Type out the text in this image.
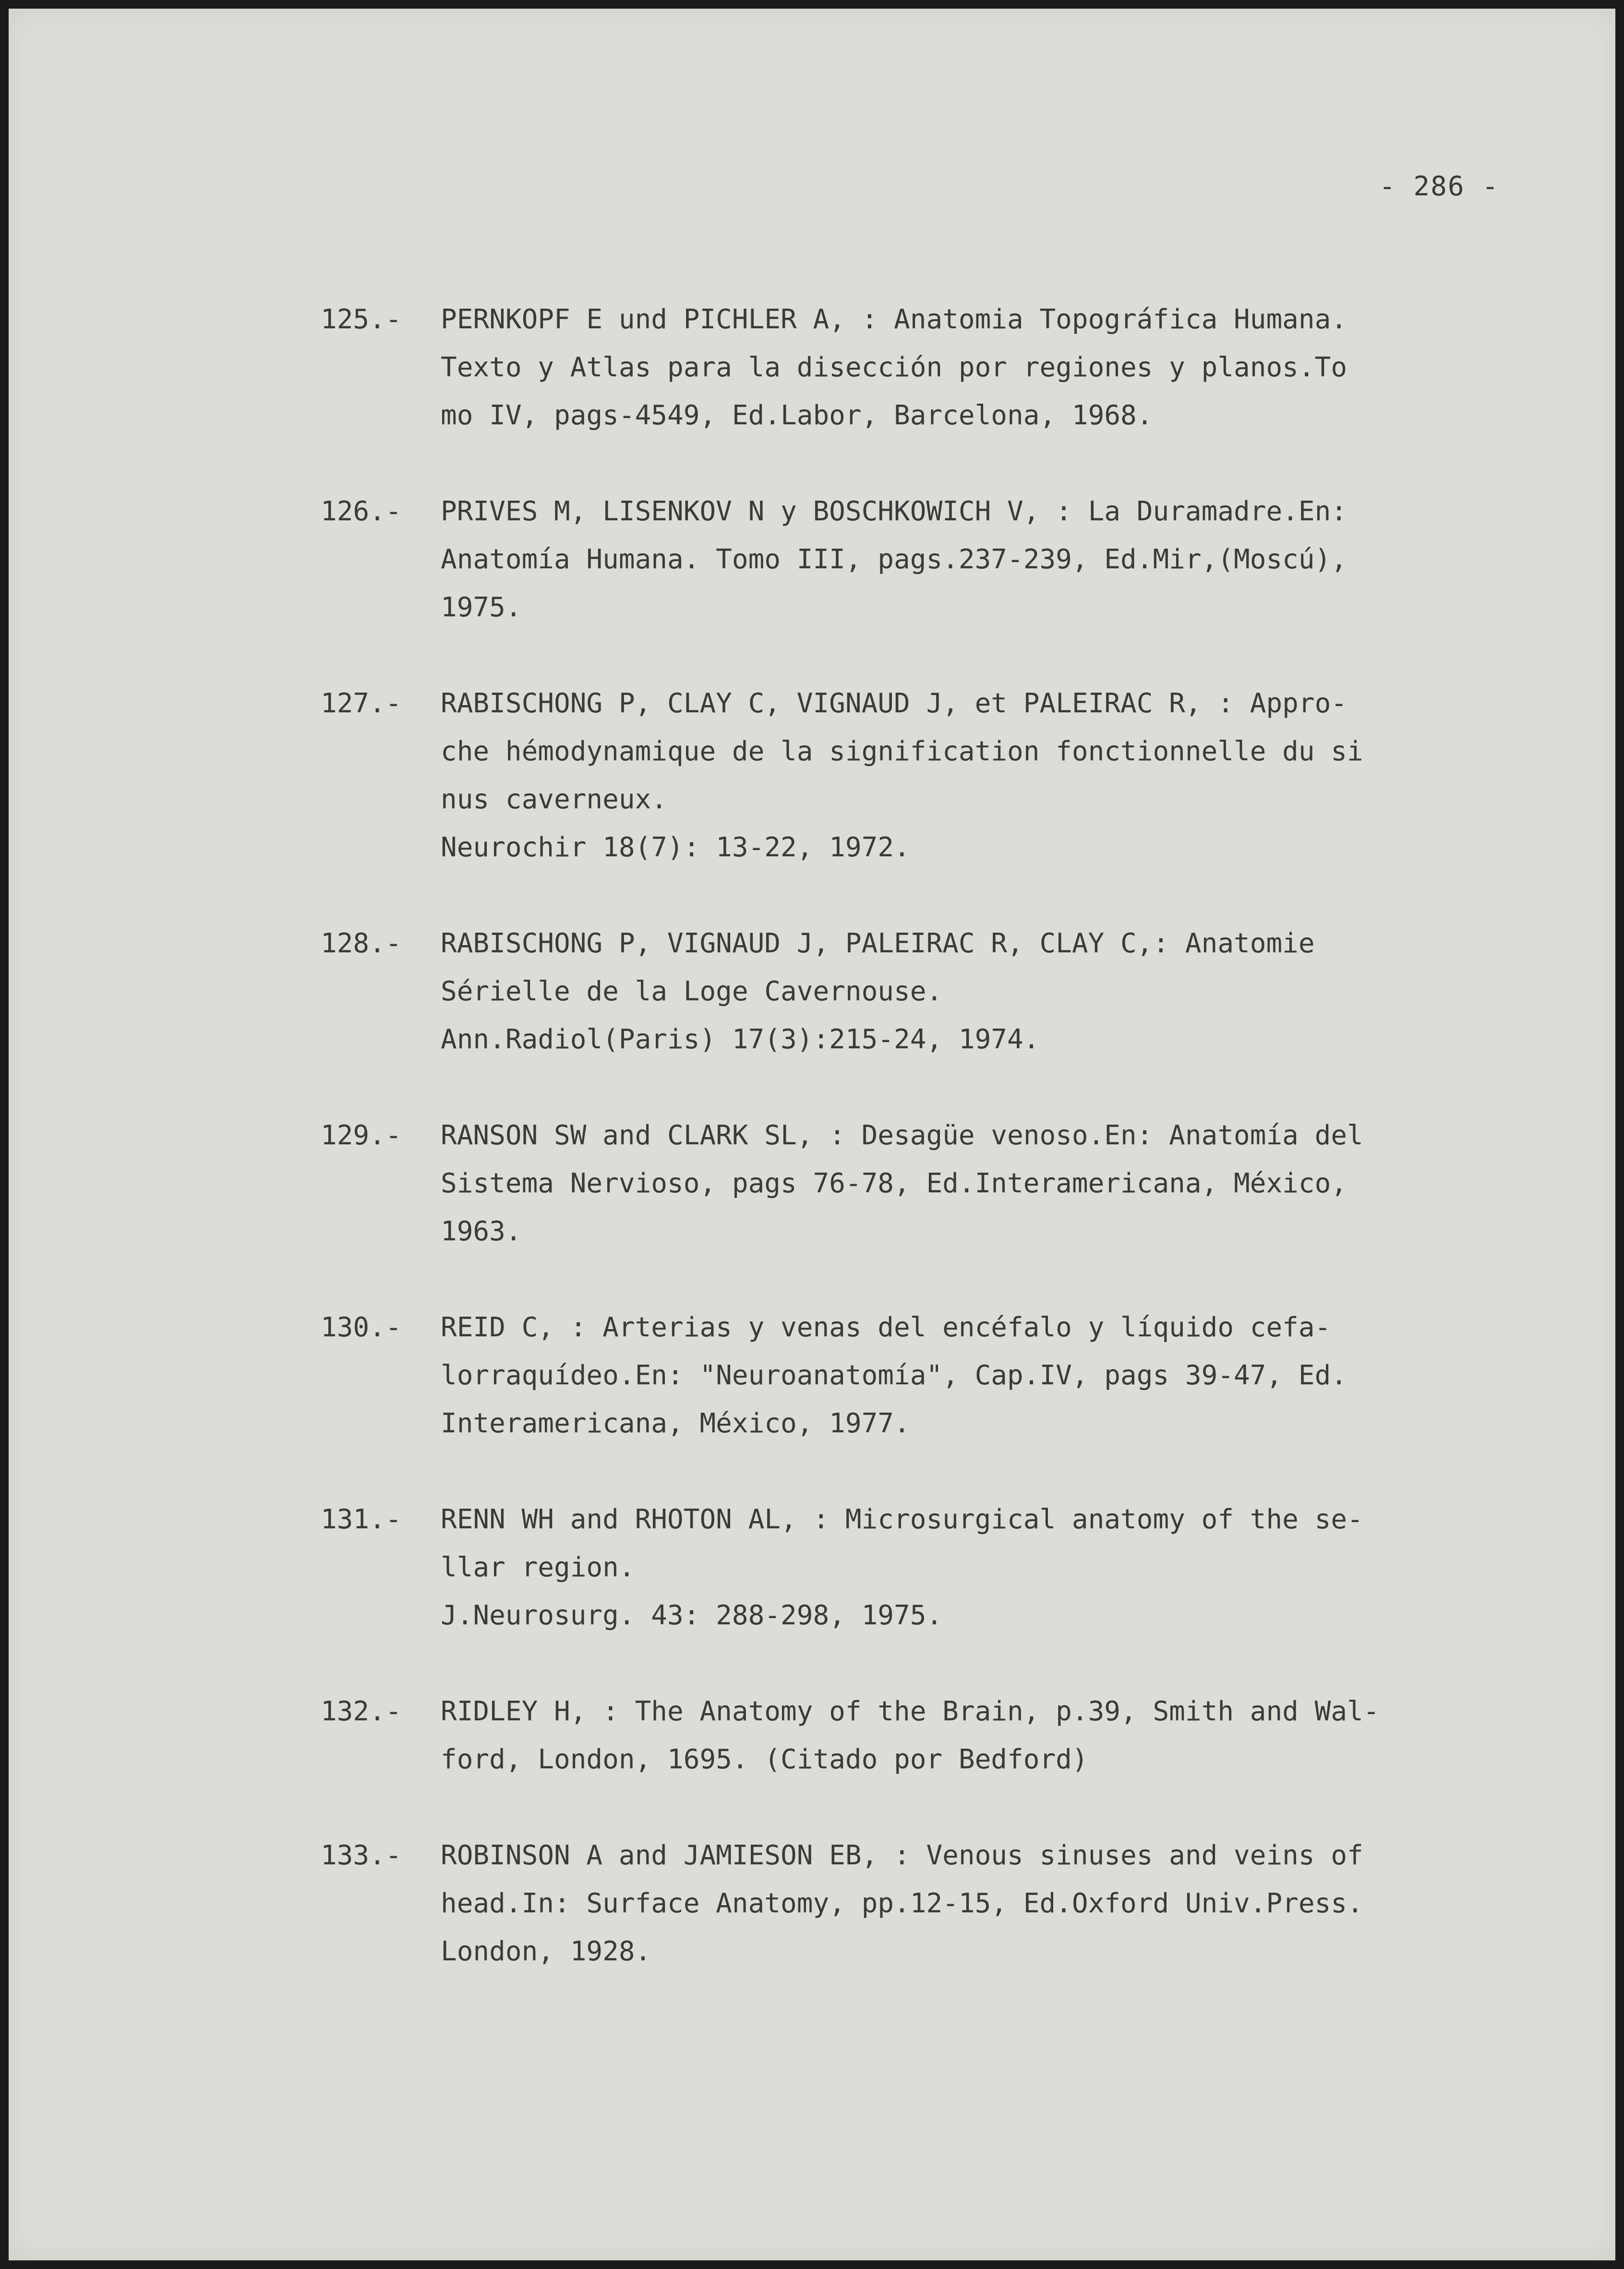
- 286 -
125.- PERNKOPF E und PICHLER A, : Anatomia Topográfica Humana.
Texto y Atlas para la disección por regiones y planos.To
mo IV, pags-4549, Ed.Labor, Barcelona, 1968.
126.- PRIVES M, LISENKOV N y BOSCHKOWICH V, : La Duramadre.En:
Anatomía Humana. Tomo III, pags.237-239, Ed.Mir,(Moscú),
1975.
127.- RABISCHONG P, CLAY C, VIGNAUD J, et PALEIRAC R, : Appro-
che hémodynamique de la signification fonctionnelle du si
nus caverneux.
Neurochir 18(7): 13-22, 1972.
128.- RABISCHONG P, VIGNAUD J, PALEIRAC R, CLAY C,: Anatomie
Sérielle de la Loge Cavernouse.
Ann.Radiol(Paris) 17(3):215-24, 1974.
129.- RANSON SW and CLARK SL, : Desagüe venoso.En: Anatomía del
Sistema Nervioso, pags 76-78, Ed.Interamericana, México,
1963.
130.- REID C, : Arterias y venas del encéfalo y líquido cefa-
lorraquídeo.En: "Neuroanatomía", Cap.IV, pags 39-47, Ed.
Interamericana, México, 1977.
131.- RENN WH and RHOTON AL, : Microsurgical anatomy of the se-
llar region.
J.Neurosurg. 43: 288-298, 1975.
132.- RIDLEY H, : The Anatomy of the Brain, p.39, Smith and Wal-
ford, London, 1695. (Citado por Bedford)
133.- ROBINSON A and JAMIESON EB, : Venous sinuses and veins of
head.In: Surface Anatomy, pp.12-15, Ed.Oxford Univ.Press.
London, 1928.
